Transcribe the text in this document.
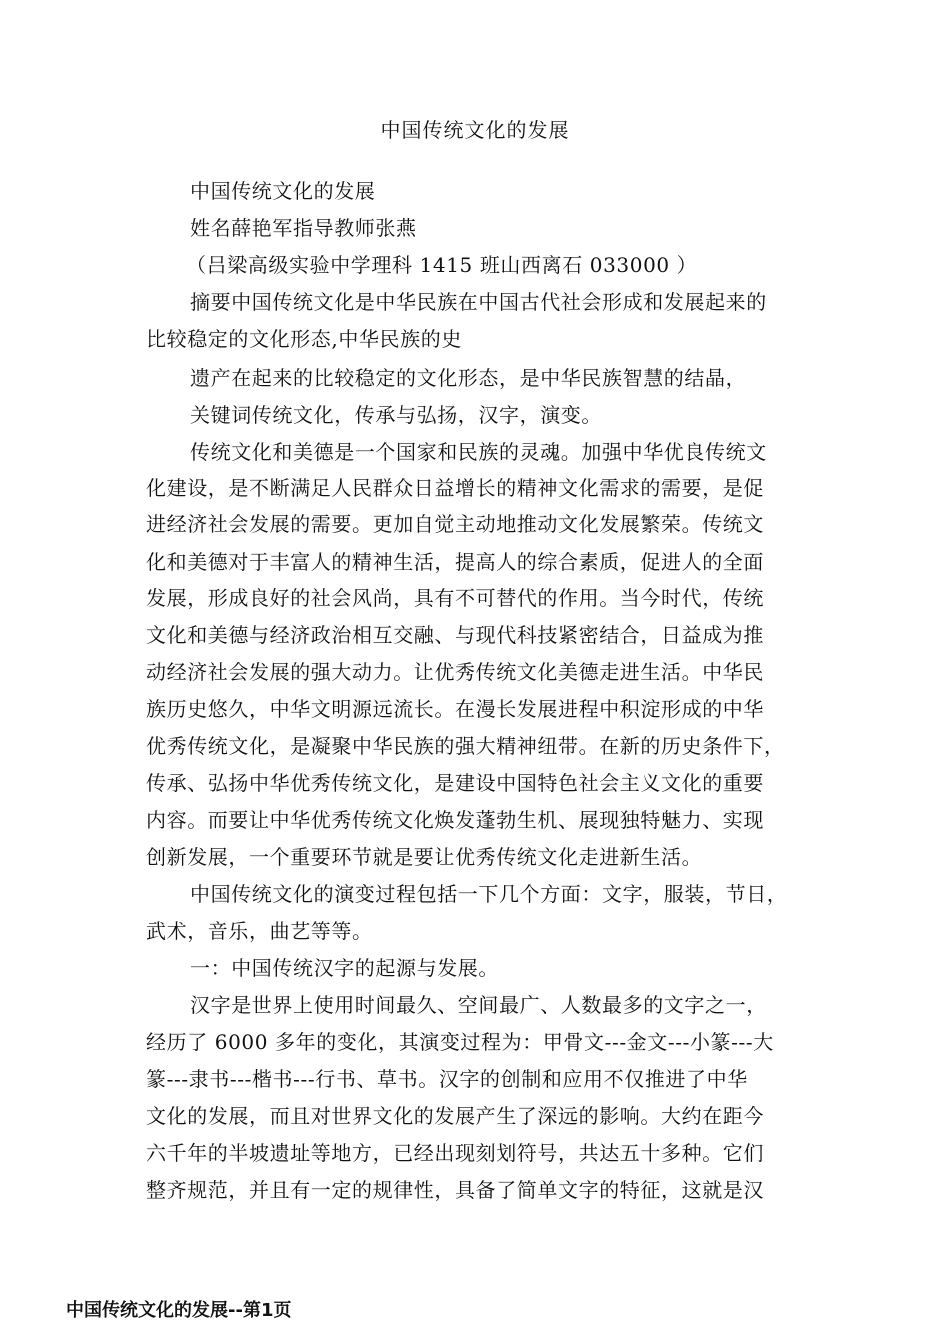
中国传统文化的发展
中国传统文化的发展
姓名薛艳军指导教师张燕
（吕梁高级实验中学理科 1415 班山西离石 033000 ）
摘要中国传统文化是中华民族在中国古代社会形成和发展起来的
比较稳定的文化形态,中华民族的史
遗产在起来的比较稳定的文化形态，是中华民族智慧的结晶，
关键词传统文化，传承与弘扬，汉字，演变。
传统文化和美德是一个国家和民族的灵魂。加强中华优良传统文
化建设，是不断满足人民群众日益增长的精神文化需求的需要，是促
进经济社会发展的需要。更加自觉主动地推动文化发展繁荣。传统文
化和美德对于丰富人的精神生活，提高人的综合素质，促进人的全面
发展，形成良好的社会风尚，具有不可替代的作用。当今时代，传统
文化和美德与经济政治相互交融、与现代科技紧密结合，日益成为推
动经济社会发展的强大动力。让优秀传统文化美德走进生活。中华民
族历史悠久，中华文明源远流长。在漫长发展进程中积淀形成的中华
优秀传统文化，是凝聚中华民族的强大精神纽带。在新的历史条件下，
传承、弘扬中华优秀传统文化，是建设中国特色社会主义文化的重要
内容。而要让中华优秀传统文化焕发蓬勃生机、展现独特魅力、实现
创新发展，一个重要环节就是要让优秀传统文化走进新生活。
中国传统文化的演变过程包括一下几个方面：文字，服装，节日，
武术，音乐，曲艺等等。
一：中国传统汉字的起源与发展。
汉字是世界上使用时间最久、空间最广、人数最多的文字之一，
经历了 6000 多年的变化，其演变过程为：甲骨文---金文---小篆---大
篆---隶书---楷书---行书、草书。汉字的创制和应用不仅推进了中华
文化的发展，而且对世界文化的发展产生了深远的影响。大约在距今
六千年的半坡遗址等地方，已经出现刻划符号，共达五十多种。它们
整齐规范，并且有一定的规律性，具备了简单文字的特征，这就是汉
中国传统文化的发展--第1页
